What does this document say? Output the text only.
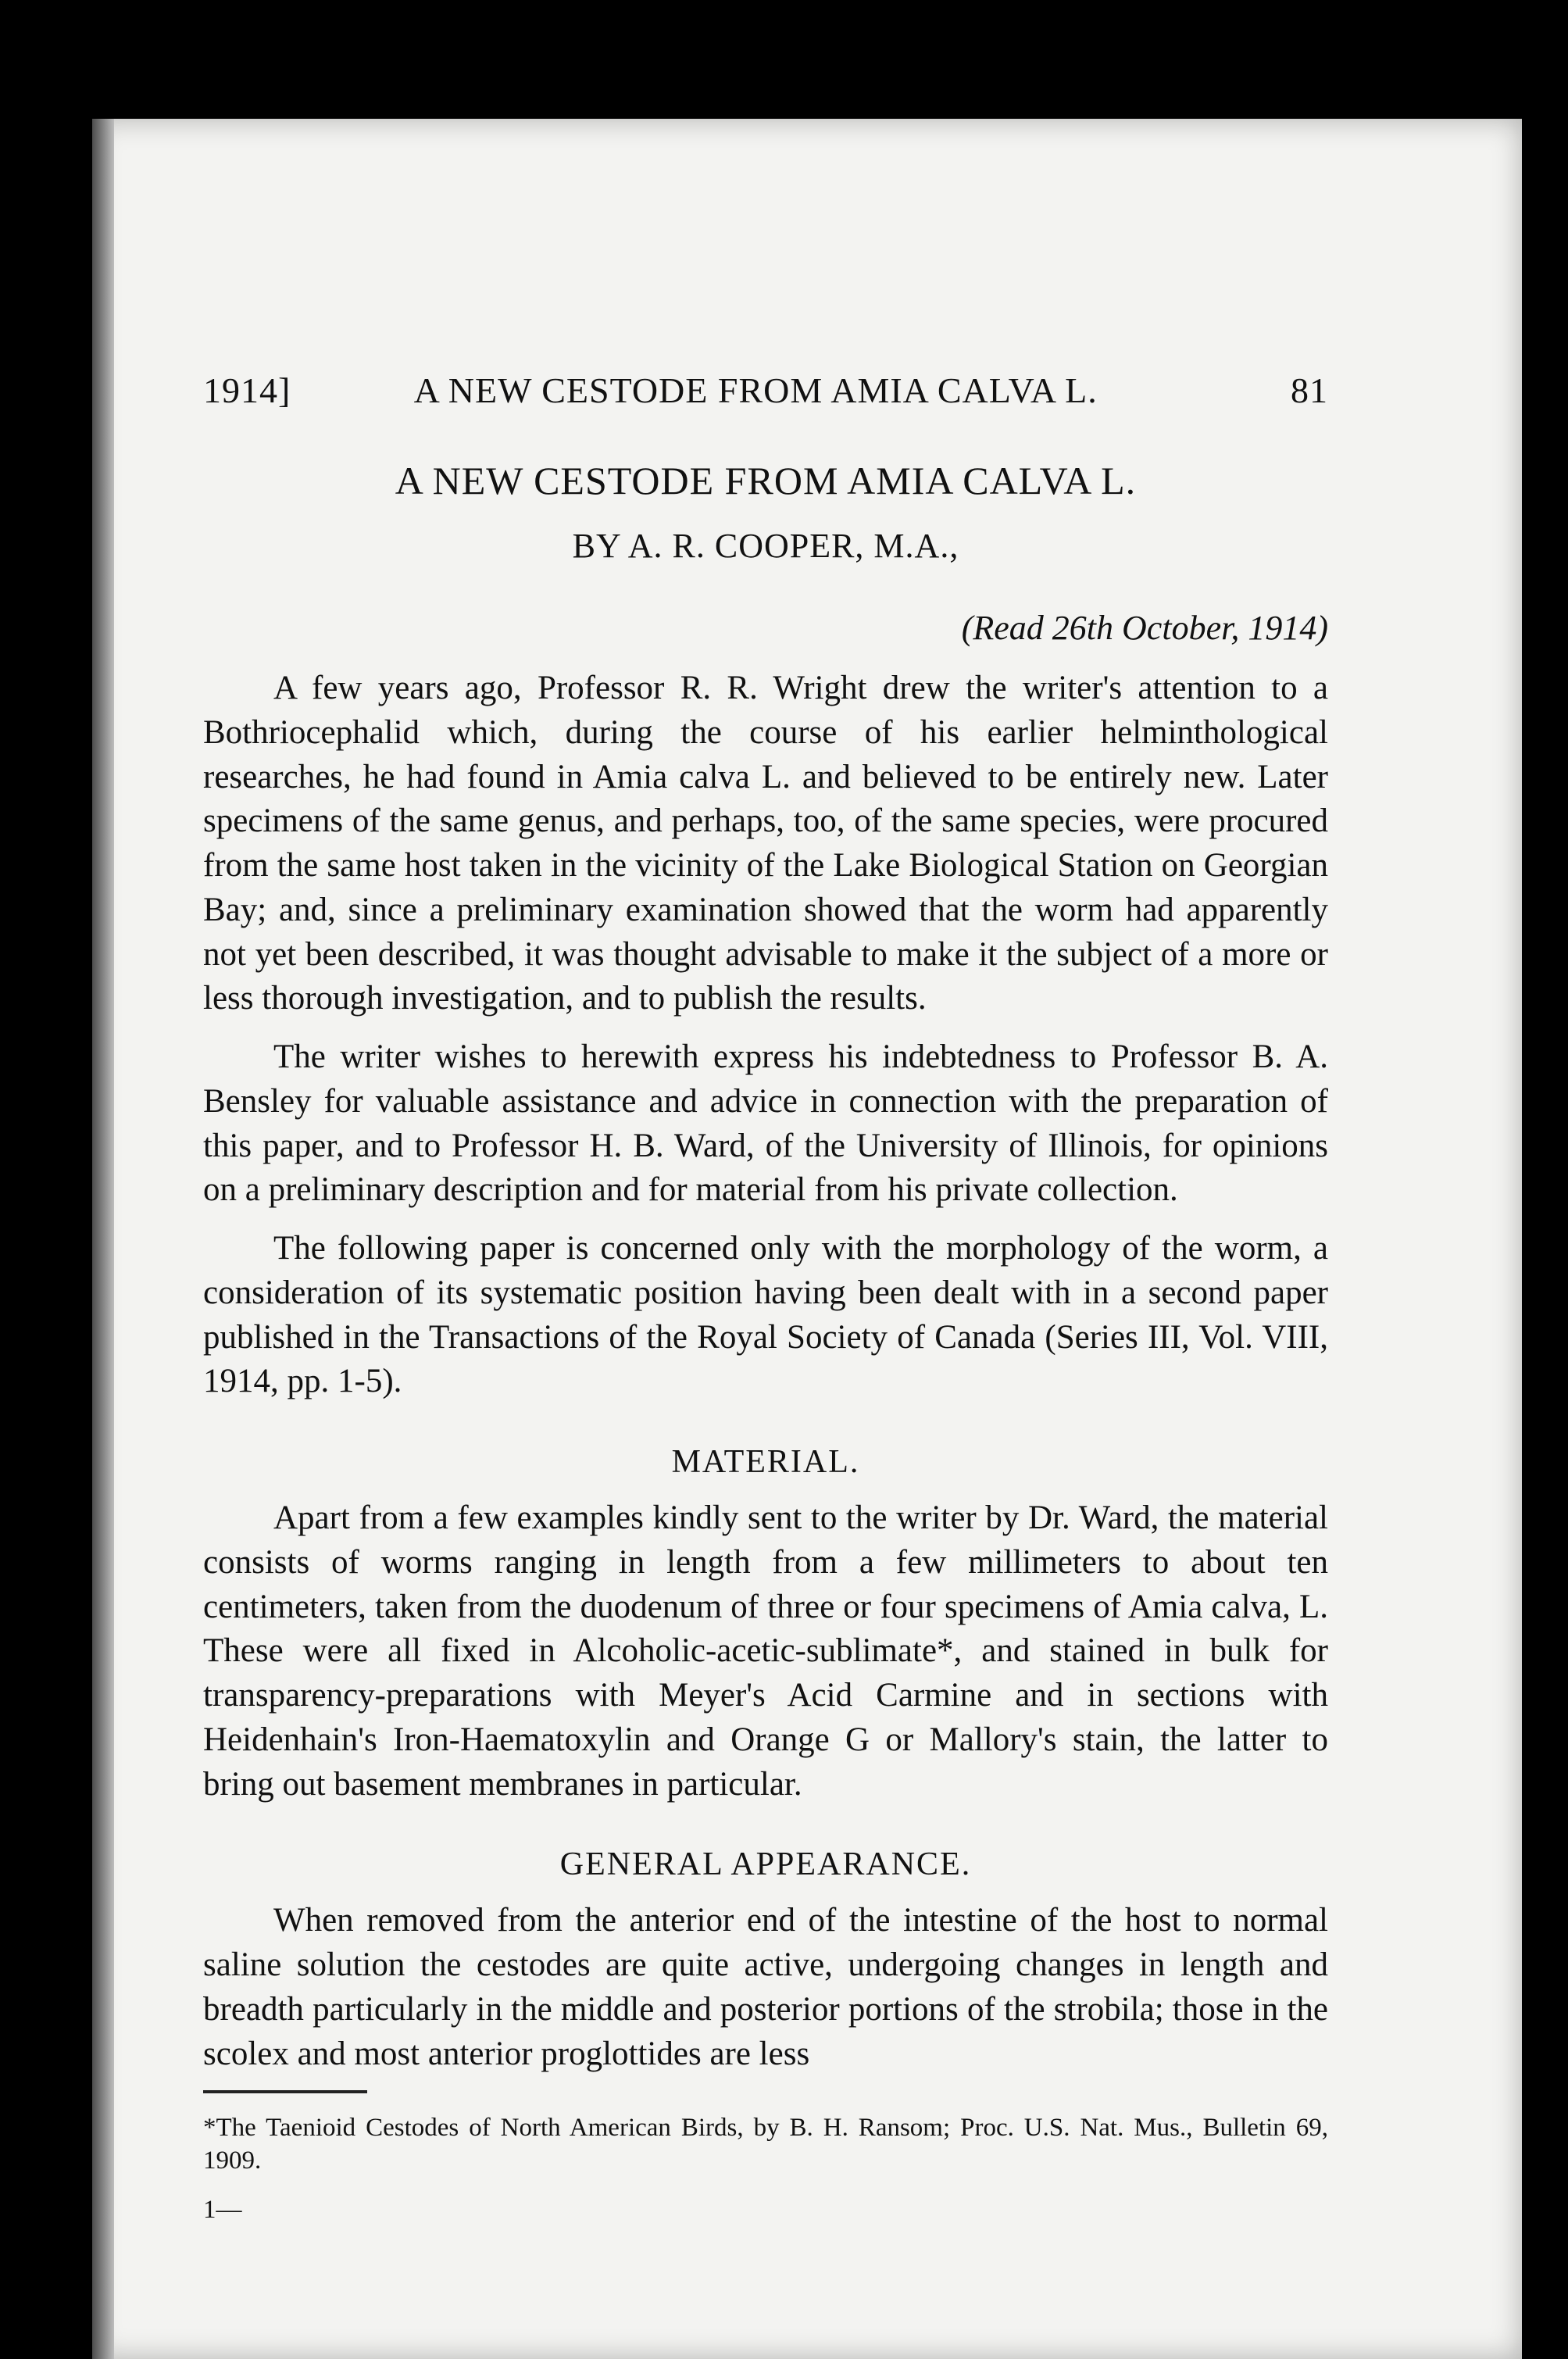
1914]	A NEW CESTODE FROM AMIA CALVA L.	81
A NEW CESTODE FROM AMIA CALVA L.
BY A. R. COOPER, M.A.,
(Read 26th October, 1914)

A few years ago, Professor R. R. Wright drew the writer's attention to a Bothriocephalid which, during the course of his earlier helminthological researches, he had found in Amia calva L. and believed to be entirely new. Later specimens of the same genus, and perhaps, too, of the same species, were procured from the same host taken in the vicinity of the Lake Biological Station on Georgian Bay; and, since a preliminary examination showed that the worm had apparently not yet been described, it was thought advisable to make it the subject of a more or less thorough investigation, and to publish the results.

The writer wishes to herewith express his indebtedness to Professor B. A. Bensley for valuable assistance and advice in connection with the preparation of this paper, and to Professor H. B. Ward, of the University of Illinois, for opinions on a preliminary description and for material from his private collection.

The following paper is concerned only with the morphology of the worm, a consideration of its systematic position having been dealt with in a second paper published in the Transactions of the Royal Society of Canada (Series III, Vol. VIII, 1914, pp. 1-5).

MATERIAL.

Apart from a few examples kindly sent to the writer by Dr. Ward, the material consists of worms ranging in length from a few millimeters to about ten centimeters, taken from the duodenum of three or four specimens of Amia calva, L. These were all fixed in Alcoholic-acetic-sublimate*, and stained in bulk for transparency-preparations with Meyer's Acid Carmine and in sections with Heidenhain's Iron-Haematoxylin and Orange G or Mallory's stain, the latter to bring out basement membranes in particular.

GENERAL APPEARANCE.

When removed from the anterior end of the intestine of the host to normal saline solution the cestodes are quite active, undergoing changes in length and breadth particularly in the middle and posterior portions of the strobila; those in the scolex and most anterior proglottides are less

*The Taenioid Cestodes of North American Birds, by B. H. Ransom; Proc. U.S. Nat. Mus., Bulletin 69, 1909.
1—
